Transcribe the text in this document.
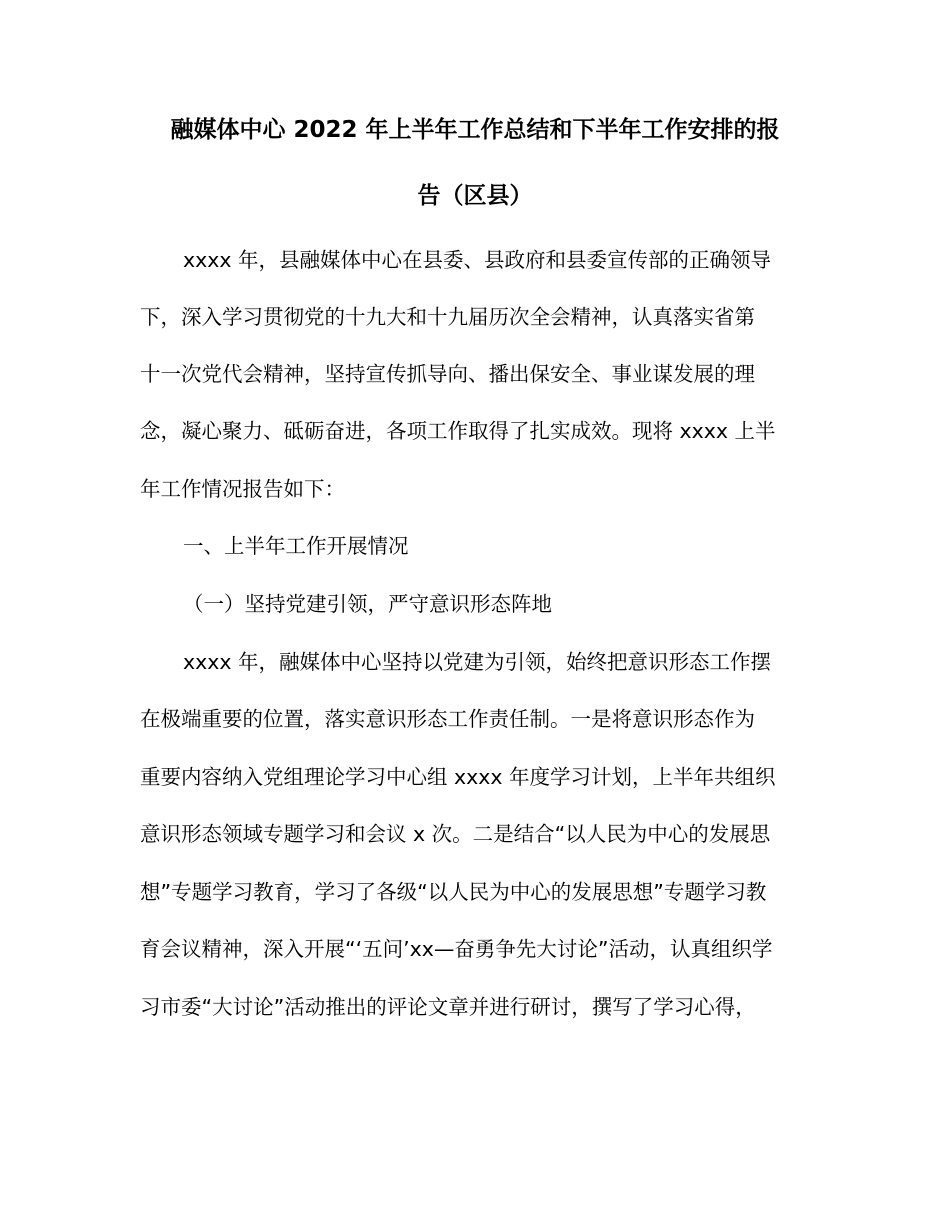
融媒体中心 2022 年上半年工作总结和下半年工作安排的报

告（区县）

xxxx 年，县融媒体中心在县委、县政府和县委宣传部的正确领导

下，深入学习贯彻党的十九大和十九届历次全会精神，认真落实省第

十一次党代会精神，坚持宣传抓导向、播出保安全、事业谋发展的理

念，凝心聚力、砥砺奋进，各项工作取得了扎实成效。现将 xxxx 上半

年工作情况报告如下：

一、上半年工作开展情况

（一）坚持党建引领，严守意识形态阵地

xxxx 年，融媒体中心坚持以党建为引领，始终把意识形态工作摆

在极端重要的位置，落实意识形态工作责任制。一是将意识形态作为

重要内容纳入党组理论学习中心组 xxxx 年度学习计划，上半年共组织

意识形态领域专题学习和会议 x 次。二是结合“以人民为中心的发展思

想”专题学习教育，学习了各级“以人民为中心的发展思想”专题学习教

育会议精神，深入开展“‘五问’xx—奋勇争先大讨论”活动，认真组织学

习市委“大讨论”活动推出的评论文章并进行研讨，撰写了学习心得，
